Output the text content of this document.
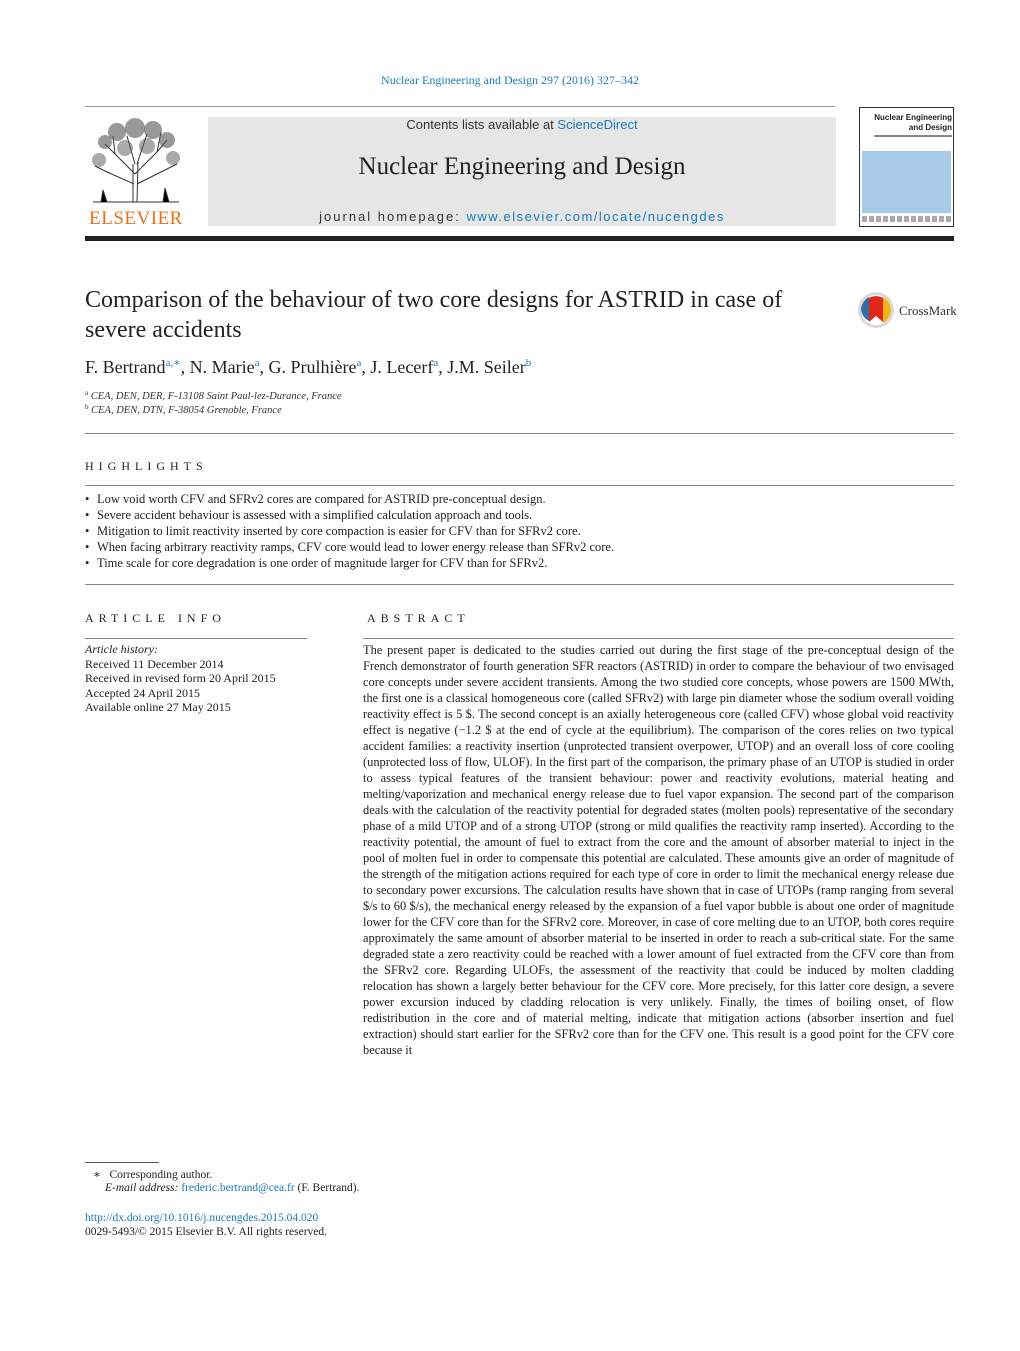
Nuclear Engineering and Design 297 (2016) 327–342
ELSEVIER
Contents lists available at ScienceDirect
Nuclear Engineering and Design
journal homepage: www.elsevier.com/locate/nucengdes
Nuclear Engineering
and Design
Comparison of the behaviour of two core designs for ASTRID in case of severe accidents
CrossMark
F. Bertrand$^{a,∗}$, N. Marie$^a$, G. Prulhière$^a$, J. Lecerf$^a$, J.M. Seiler$^b$
$^a$ CEA, DEN, DER, F-13108 Saint Paul-lez-Durance, France
$^b$ CEA, DEN, DTN, F-38054 Grenoble, France
HIGHLIGHTS
• Low void worth CFV and SFRv2 cores are compared for ASTRID pre-conceptual design.
• Severe accident behaviour is assessed with a simplified calculation approach and tools.
• Mitigation to limit reactivity inserted by core compaction is easier for CFV than for SFRv2 core.
• When facing arbitrary reactivity ramps, CFV core would lead to lower energy release than SFRv2 core.
• Time scale for core degradation is one order of magnitude larger for CFV than for SFRv2.
ARTICLE INFO
Article history:
Received 11 December 2014
Received in revised form 20 April 2015
Accepted 24 April 2015
Available online 27 May 2015
ABSTRACT
The present paper is dedicated to the studies carried out during the first stage of the pre-conceptual design of the French demonstrator of fourth generation SFR reactors (ASTRID) in order to compare the behaviour of two envisaged core concepts under severe accident transients. Among the two studied core concepts, whose powers are 1500 MWth, the first one is a classical homogeneous core (called SFRv2) with large pin diameter whose the sodium overall voiding reactivity effect is 5 $. The second concept is an axially heterogeneous core (called CFV) whose global void reactivity effect is negative (−1.2 $ at the end of cycle at the equilibrium). The comparison of the cores relies on two typical accident families: a reactivity insertion (unprotected transient overpower, UTOP) and an overall loss of core cooling (unprotected loss of flow, ULOF). In the first part of the comparison, the primary phase of an UTOP is studied in order to assess typical features of the transient behaviour: power and reactivity evolutions, material heating and melting/vaporization and mechanical energy release due to fuel vapor expansion. The second part of the comparison deals with the calculation of the reactivity potential for degraded states (molten pools) representative of the secondary phase of a mild UTOP and of a strong UTOP (strong or mild qualifies the reactivity ramp inserted). According to the reactivity potential, the amount of fuel to extract from the core and the amount of absorber material to inject in the pool of molten fuel in order to compensate this potential are calculated. These amounts give an order of magnitude of the strength of the mitigation actions required for each type of core in order to limit the mechanical energy release due to secondary power excursions. The calculation results have shown that in case of UTOPs (ramp ranging from several $/s to 60 $/s), the mechanical energy released by the expansion of a fuel vapor bubble is about one order of magnitude lower for the CFV core than for the SFRv2 core. Moreover, in case of core melting due to an UTOP, both cores require approximately the same amount of absorber material to be inserted in order to reach a sub-critical state. For the same degraded state a zero reactivity could be reached with a lower amount of fuel extracted from the CFV core than from the SFRv2 core. Regarding ULOFs, the assessment of the reactivity that could be induced by molten cladding relocation has shown a largely better behaviour for the CFV core. More precisely, for this latter core design, a severe power excursion induced by cladding relocation is very unlikely. Finally, the times of boiling onset, of flow redistribution in the core and of material melting, indicate that mitigation actions (absorber insertion and fuel extraction) should start earlier for the SFRv2 core than for the CFV one. This result is a good point for the CFV core because it
∗ Corresponding author.
E-mail address: frederic.bertrand@cea.fr (F. Bertrand).
http://dx.doi.org/10.1016/j.nucengdes.2015.04.020
0029-5493/© 2015 Elsevier B.V. All rights reserved.
